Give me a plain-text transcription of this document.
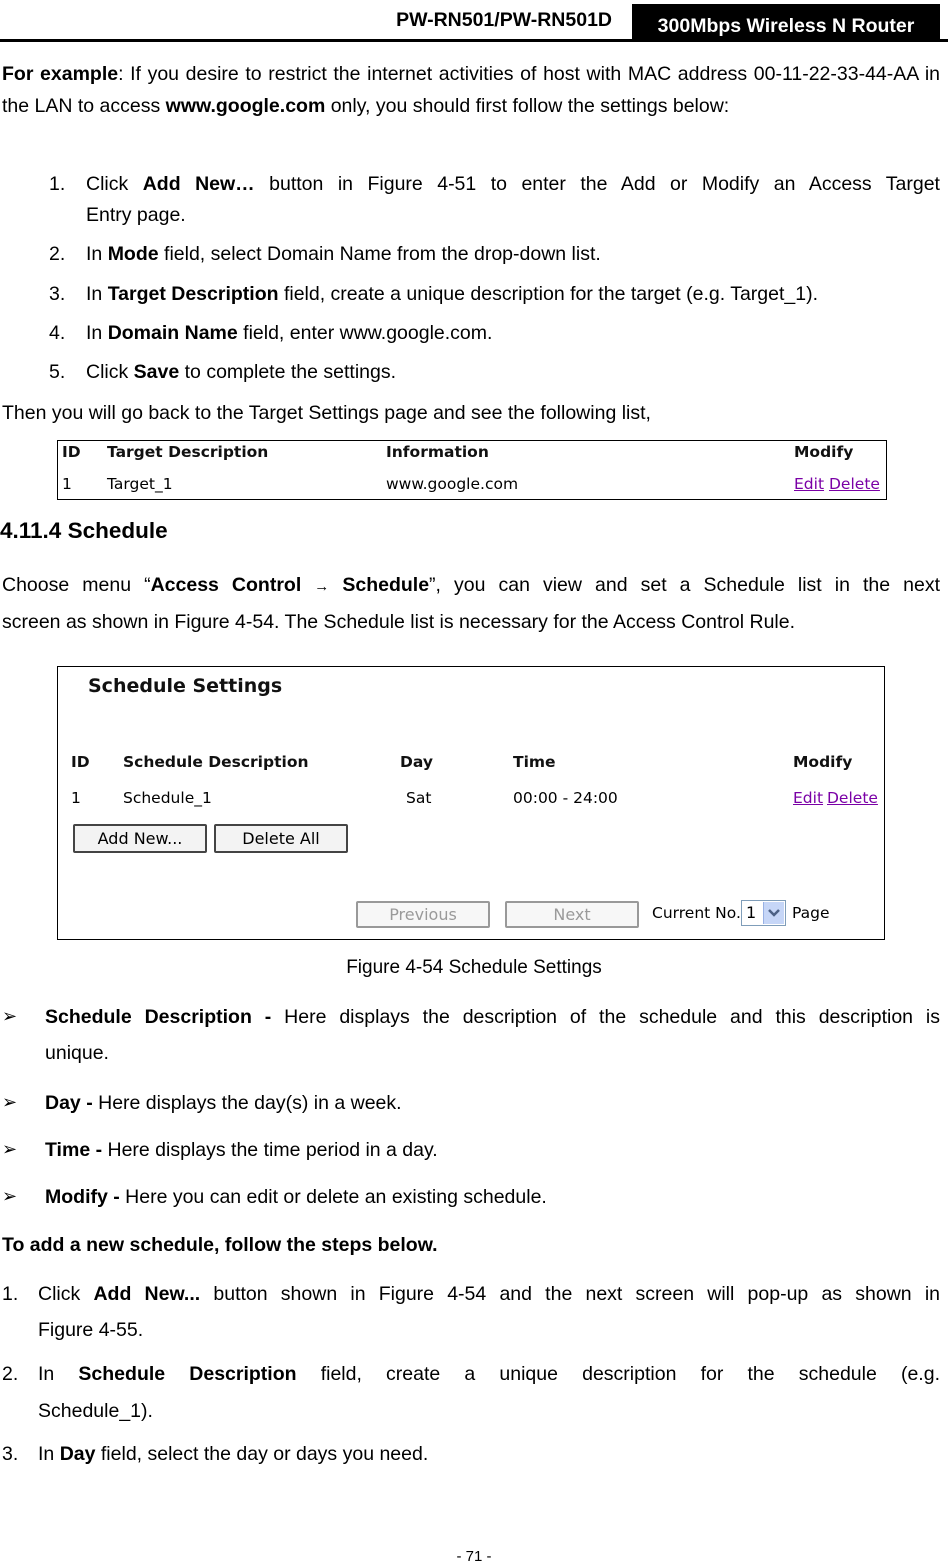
PW-RN501/PW-RN501D	300Mbps Wireless N Router
For example: If you desire to restrict the internet activities of host with MAC address 00-11-22-33-44-AA in the LAN to access www.google.com only, you should first follow the settings below:
1. Click Add New… button in Figure 4-51 to enter the Add or Modify an Access Target
Entry page.
2. In Mode field, select Domain Name from the drop-down list.
3. In Target Description field, create a unique description for the target (e.g. Target_1).
4. In Domain Name field, enter www.google.com.
5. Click Save to complete the settings.
Then you will go back to the Target Settings page and see the following list,
ID Target Description	Information	Modify
1 Target_1	www.google.com	Edit Delete
4.11.4 Schedule
Choose menu “Access Control → Schedule”, you can view and set a Schedule list in the next
screen as shown in Figure 4-54. The Schedule list is necessary for the Access Control Rule.
Schedule Settings
ID Schedule Description	Day	Time	Modify
1	Schedule_1	Sat	00:00 - 24:00	Edit Delete
Add New...	Delete All
Previous	Next	Current No. 1 Page
Figure 4-54 Schedule Settings
➢ Schedule Description - Here displays the description of the schedule and this description is
unique.
➢ Day - Here displays the day(s) in a week.
➢ Time - Here displays the time period in a day.
➢ Modify - Here you can edit or delete an existing schedule.
To add a new schedule, follow the steps below.
1. Click Add New... button shown in Figure 4-54 and the next screen will pop-up as shown in
Figure 4-55.
2. In Schedule Description field, create a unique description for the schedule (e.g.
Schedule_1).
3. In Day field, select the day or days you need.
- 71 -
